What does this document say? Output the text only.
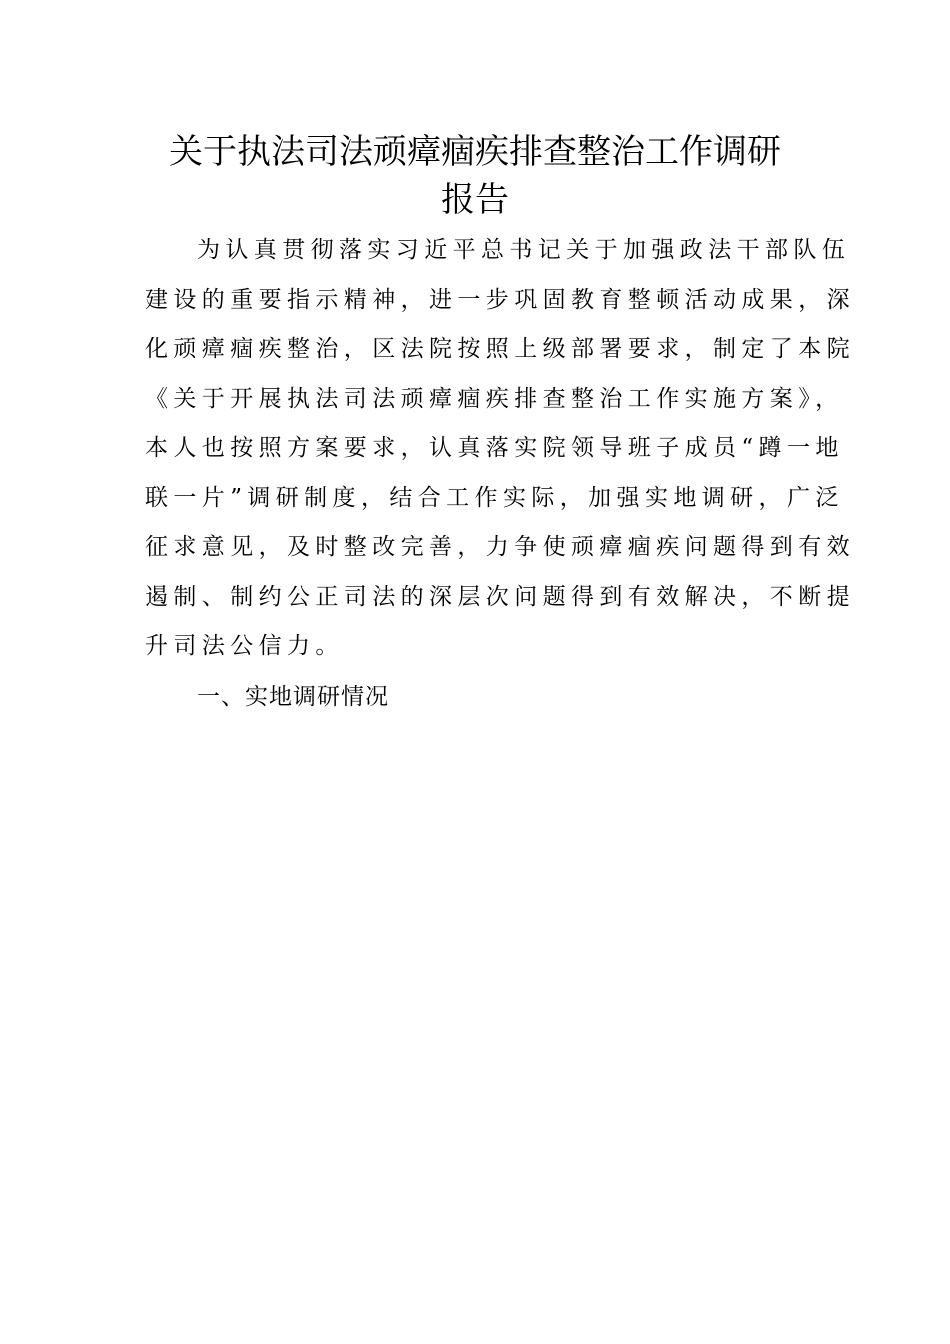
关于执法司法顽瘴痼疾排查整治工作调研
报告

为认真贯彻落实习近平总书记关于加强政法干部队伍
建设的重要指示精神，进一步巩固教育整顿活动成果，深
化顽瘴痼疾整治，区法院按照上级部署要求，制定了本院
《关于开展执法司法顽瘴痼疾排查整治工作实施方案》，
本人也按照方案要求，认真落实院领导班子成员“蹲一地
联一片”调研制度，结合工作实际，加强实地调研，广泛
征求意见，及时整改完善，力争使顽瘴痼疾问题得到有效
遏制、制约公正司法的深层次问题得到有效解决，不断提
升司法公信力。

一、实地调研情况
